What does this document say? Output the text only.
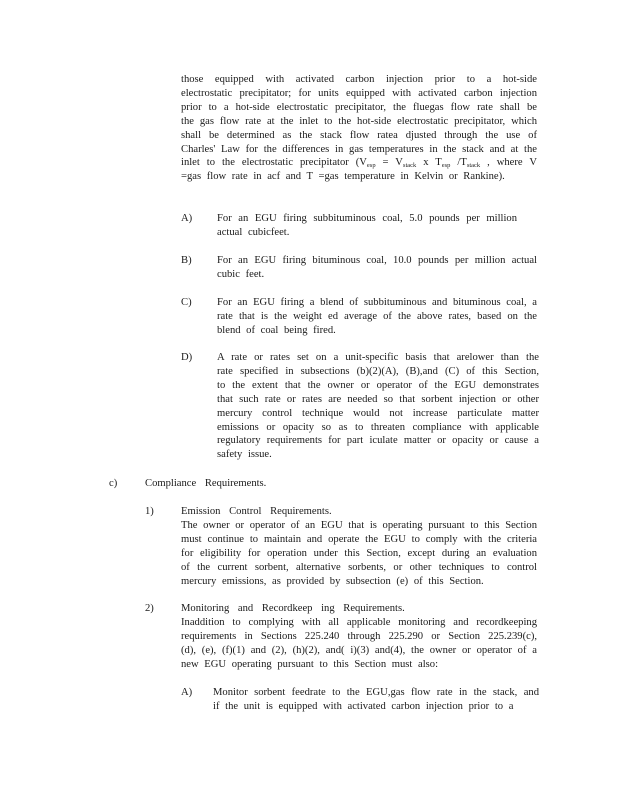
those equipped with activated carbon injection prior to a hot-side electrostatic precipitator; for units equipped with activated carbon injection prior to a hot-side electrostatic precipitator, the fluegas flow rate shall be the gas flow rate at the inlet to the hot-side electrostatic precipitator, which shall be determined as the stack flow ratea djusted through the use of Charles' Law for the differences in gas temperatures in the stack and at the inlet to the electrostatic precipitator ($V_{esp} = V_{stack}$ x $T_{esp}$ $/T_{stack}$ , where V =gas flow rate in acf and T =gas temperature in Kelvin or Rankine).
A) For an EGU firing subbituminous coal, 5.0 pounds per million actual cubicfeet.
B) For an EGU firing bituminous coal, 10.0 pounds per million actual cubic feet.
C) For an EGU firing a blend of subbituminous and bituminous coal, a rate that is the weight ed average of the above rates, based on the blend of coal being fired.
D) A rate or rates set on a unit-specific basis that arelower than the rate specified in subsections (b)(2)(A), (B),and (C) of this Section, to the extent that the owner or operator of the EGU demonstrates that such rate or rates are needed so that sorbent injection or other mercury control technique would not increase particulate matter emissions or opacity so as to threaten compliance with applicable regulatory requirements for part iculate matter or opacity or cause a safety issue.
c)	Compliance Requirements.
1)	Emission Control Requirements.
The owner or operator of an EGU that is operating pursuant to this Section must continue to maintain and operate the EGU to comply with the criteria for eligibility for operation under this Section, except during an evaluation of the current sorbent, alternative sorbents, or other techniques to control mercury emissions, as provided by subsection (e) of this Section.
2)	Monitoring and Recordkeep ing Requirements.
Inaddition to complying with all applicable monitoring and recordkeeping requirements in Sections 225.240 through 225.290 or Section 225.239(c), (d), (e), (f)(1) and (2), (h)(2), and( i)(3) and(4), the owner or operator of a new EGU operating pursuant to this Section must also:
A) Monitor sorbent feedrate to the EGU,gas flow rate in the stack, and if the unit is equipped with activated carbon injection prior to a
